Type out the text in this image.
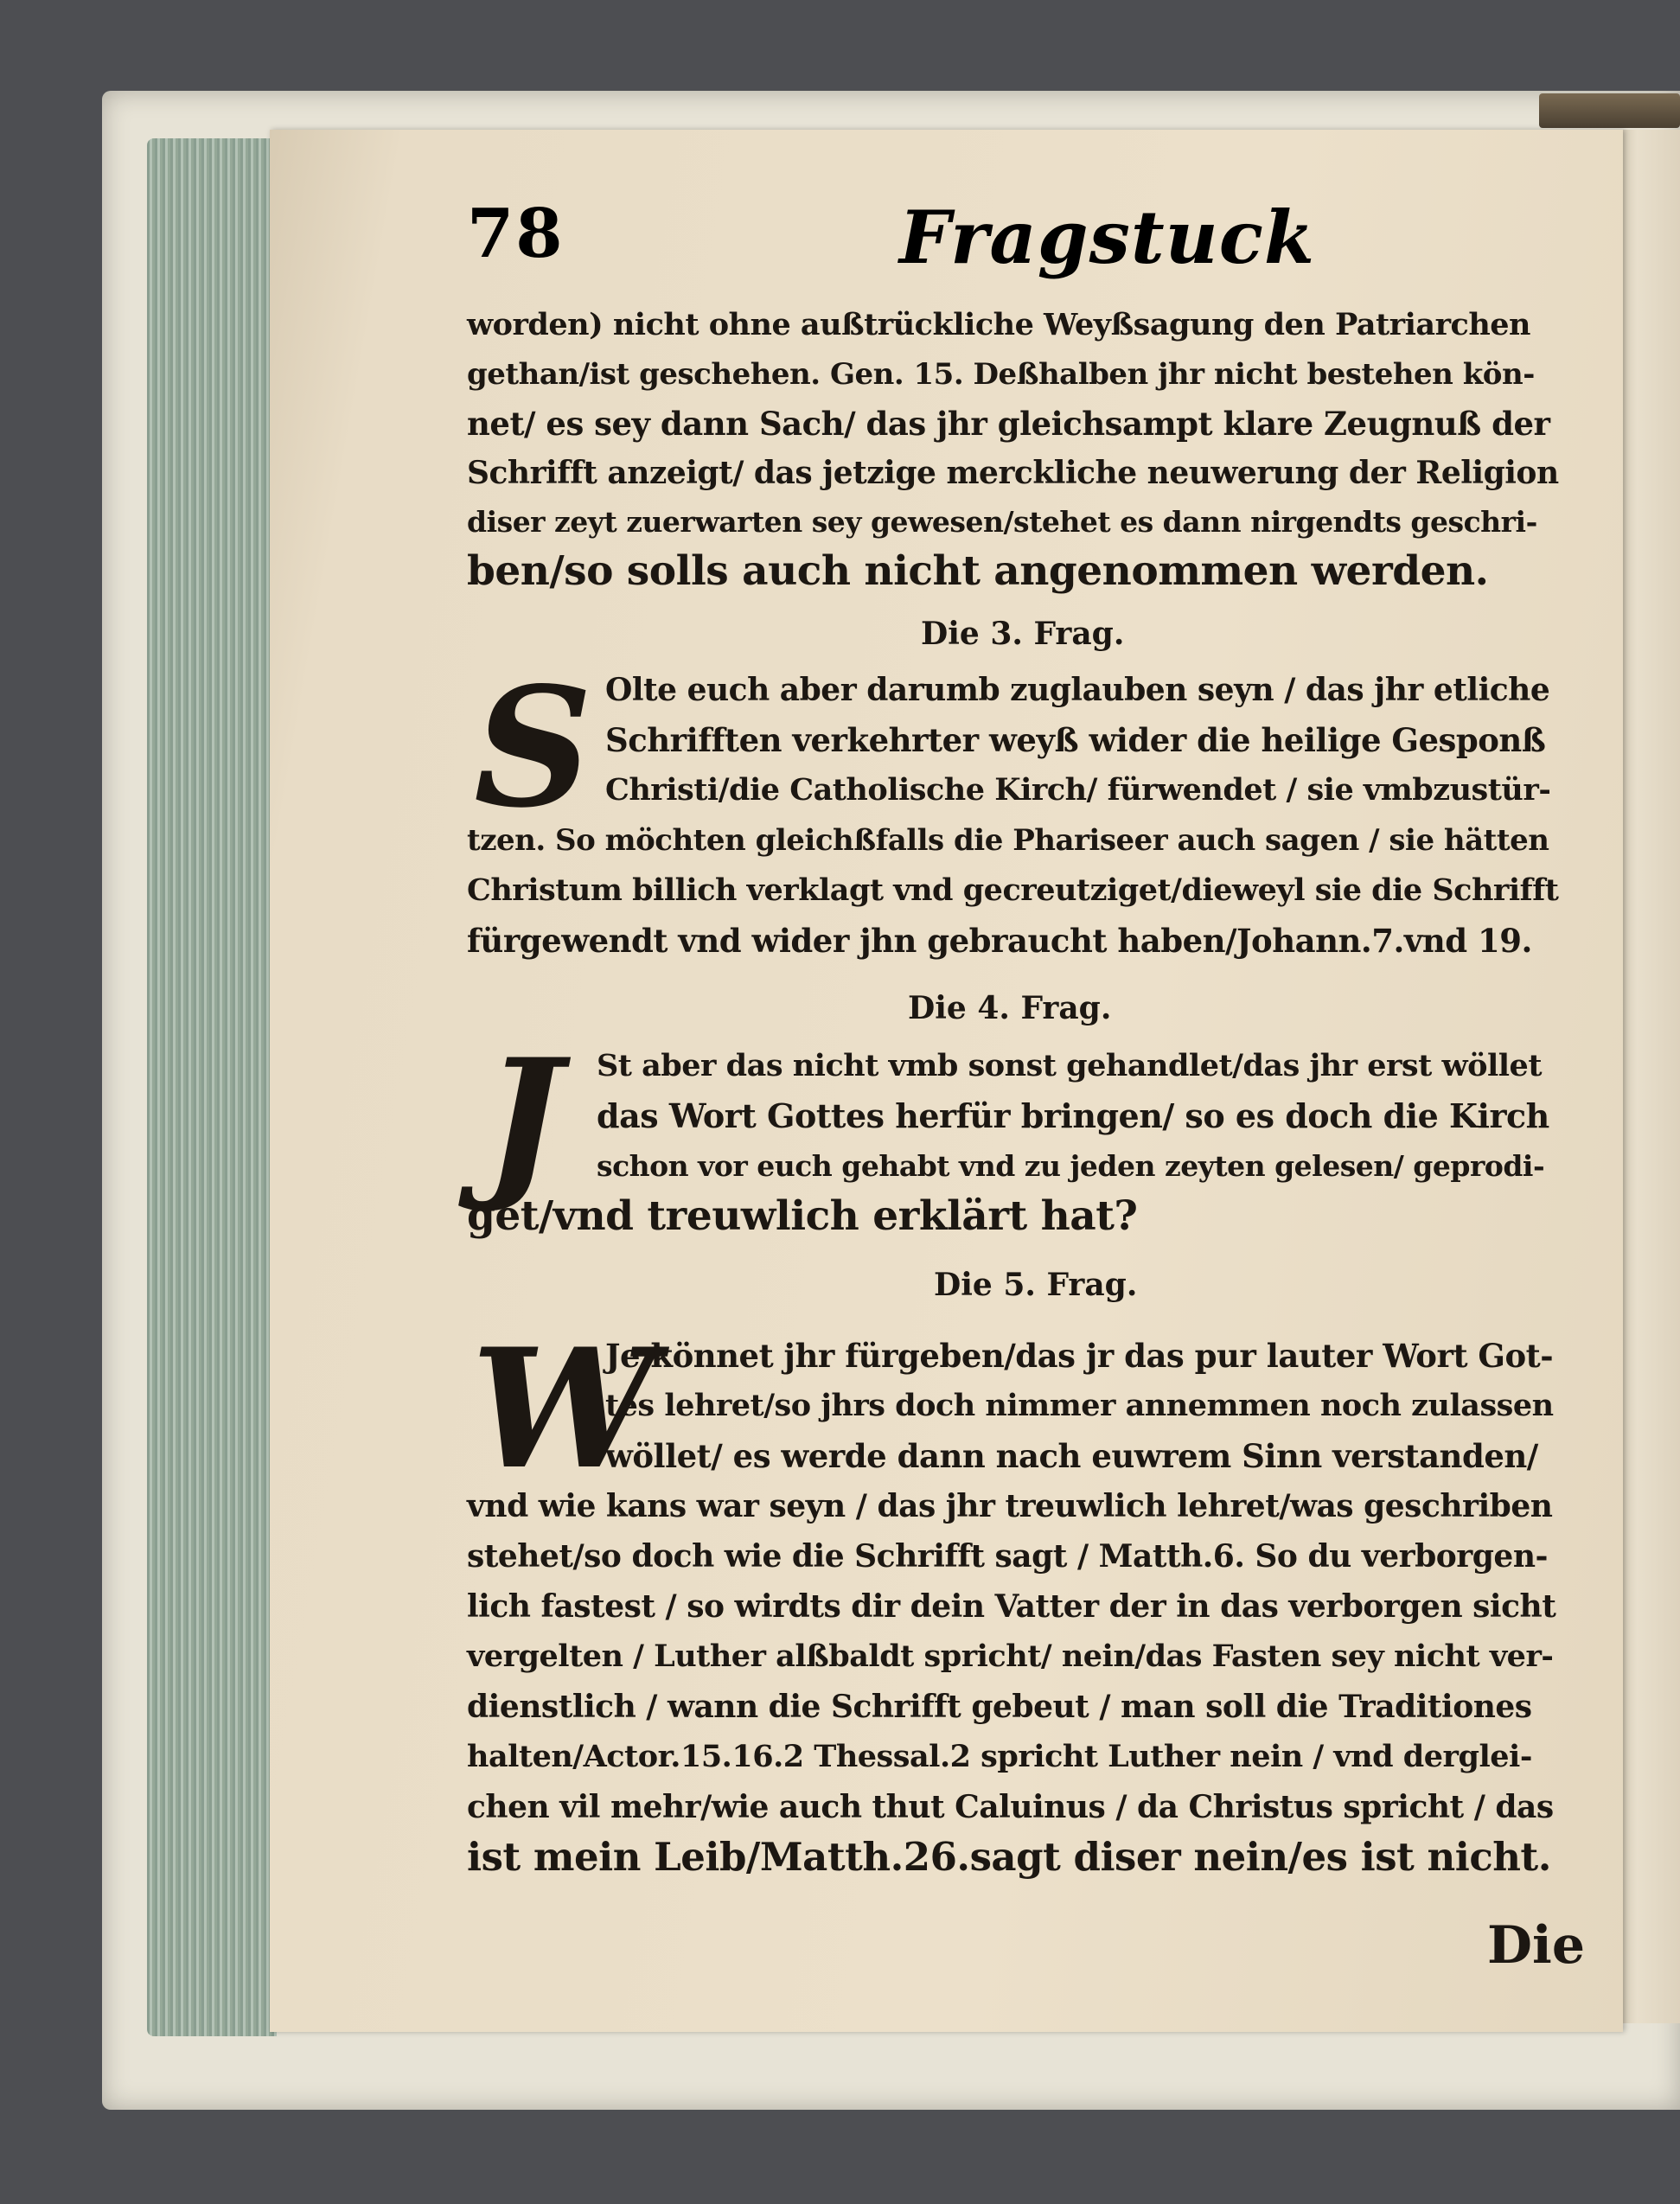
78	Fragstuck
worden) nicht ohne außtrückliche Weyßsagung den Patriarchen
gethan/ist geschehen. Gen. 15. Deßhalben jhr nicht bestehen kön-
net/ es sey dann Sach/ das jhr gleichsampt klare Zeugnuß der
Schrifft anzeigt/ das jetzige merckliche neuwerung der Religion
diser zeyt zuerwarten sey gewesen/stehet es dann nirgendts geschri-
ben/so solls auch nicht angenommen werden.
Die 3. Frag.
S Olte euch aber darumb zuglauben seyn / das jhr etliche
Schrifften verkehrter weyß wider die heilige Gesponß
Christi/die Catholische Kirch/ fürwendet / sie vmbzustür-
tzen. So möchten gleichßfalls die Phariseer auch sagen / sie hätten
Christum billich verklagt vnd gecreutziget/dieweyl sie die Schrifft
fürgewendt vnd wider jhn gebraucht haben/Johann.7.vnd 19.
Die 4. Frag.
J St aber das nicht vmb sonst gehandlet/das jhr erst wöllet
das Wort Gottes herfür bringen/ so es doch die Kirch
schon vor euch gehabt vnd zu jeden zeyten gelesen/ geprodi-
get/vnd treuwlich erklärt hat?
Die 5. Frag.
W
Je könnet jhr fürgeben/das jr das pur lauter Wort Got-
tes lehret/so jhrs doch nimmer annemmen noch zulassen
wöllet/ es werde dann nach euwrem Sinn verstanden/
vnd wie kans war seyn / das jhr treuwlich lehret/was geschriben
stehet/so doch wie die Schrifft sagt / Matth.6. So du verborgen-
lich fastest / so wirdts dir dein Vatter der in das verborgen sicht
vergelten / Luther alßbaldt spricht/ nein/das Fasten sey nicht ver-
dienstlich / wann die Schrifft gebeut / man soll die Traditiones
halten/Actor.15.16.2 Thessal.2 spricht Luther nein / vnd derglei-
chen vil mehr/wie auch thut Caluinus / da Christus spricht / das
ist mein Leib/Matth.26.sagt diser nein/es ist nicht.
Die
